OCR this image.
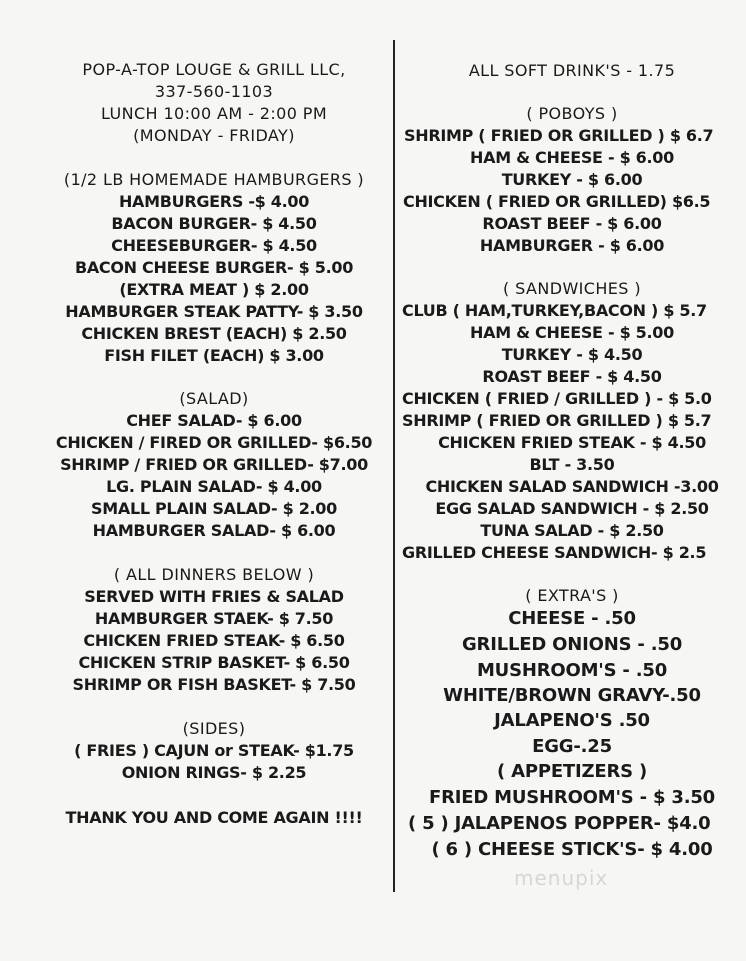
POP-A-TOP LOUGE & GRILL LLC,
337-560-1103
LUNCH 10:00 AM - 2:00 PM
(MONDAY - FRIDAY)
(1/2 LB HOMEMADE HAMBURGERS )
HAMBURGERS -$ 4.00
BACON BURGER- $ 4.50
CHEESEBURGER- $ 4.50
BACON CHEESE BURGER- $ 5.00
(EXTRA MEAT ) $ 2.00
HAMBURGER STEAK PATTY- $ 3.50
CHICKEN BREST (EACH) $ 2.50
FISH FILET (EACH) $ 3.00
(SALAD)
CHEF SALAD- $ 6.00
CHICKEN / FIRED OR GRILLED- $6.50
SHRIMP / FRIED OR GRILLED- $7.00
LG. PLAIN SALAD- $ 4.00
SMALL PLAIN SALAD- $ 2.00
HAMBURGER SALAD- $ 6.00
( ALL DINNERS BELOW )
SERVED WITH FRIES & SALAD
HAMBURGER STAEK- $ 7.50
CHICKEN FRIED STEAK- $ 6.50
CHICKEN STRIP BASKET- $ 6.50
SHRIMP OR FISH BASKET- $ 7.50
(SIDES)
( FRIES ) CAJUN or STEAK- $1.75
ONION RINGS- $ 2.25
THANK YOU AND COME AGAIN !!!!
ALL SOFT DRINK'S - 1.75
( POBOYS )
SHRIMP ( FRIED OR GRILLED ) $ 6.7
HAM & CHEESE - $ 6.00
TURKEY - $ 6.00
CHICKEN ( FRIED OR GRILLED) $6.5
ROAST BEEF - $ 6.00
HAMBURGER - $ 6.00
( SANDWICHES )
CLUB ( HAM,TURKEY,BACON ) $ 5.7
HAM & CHEESE - $ 5.00
TURKEY - $ 4.50
ROAST BEEF - $ 4.50
CHICKEN ( FRIED / GRILLED ) - $ 5.0
SHRIMP ( FRIED OR GRILLED ) $ 5.7
CHICKEN FRIED STEAK - $ 4.50
BLT - 3.50
CHICKEN SALAD SANDWICH -3.00
EGG SALAD SANDWICH - $ 2.50
TUNA SALAD - $ 2.50
GRILLED CHEESE SANDWICH- $ 2.5
( EXTRA'S )
CHEESE - .50
GRILLED ONIONS - .50
MUSHROOM'S - .50
WHITE/BROWN GRAVY-.50
JALAPENO'S .50
EGG-.25
( APPETIZERS )
FRIED MUSHROOM'S - $ 3.50
( 5 ) JALAPENOS POPPER- $4.0
( 6 ) CHEESE STICK'S- $ 4.00
menupix
